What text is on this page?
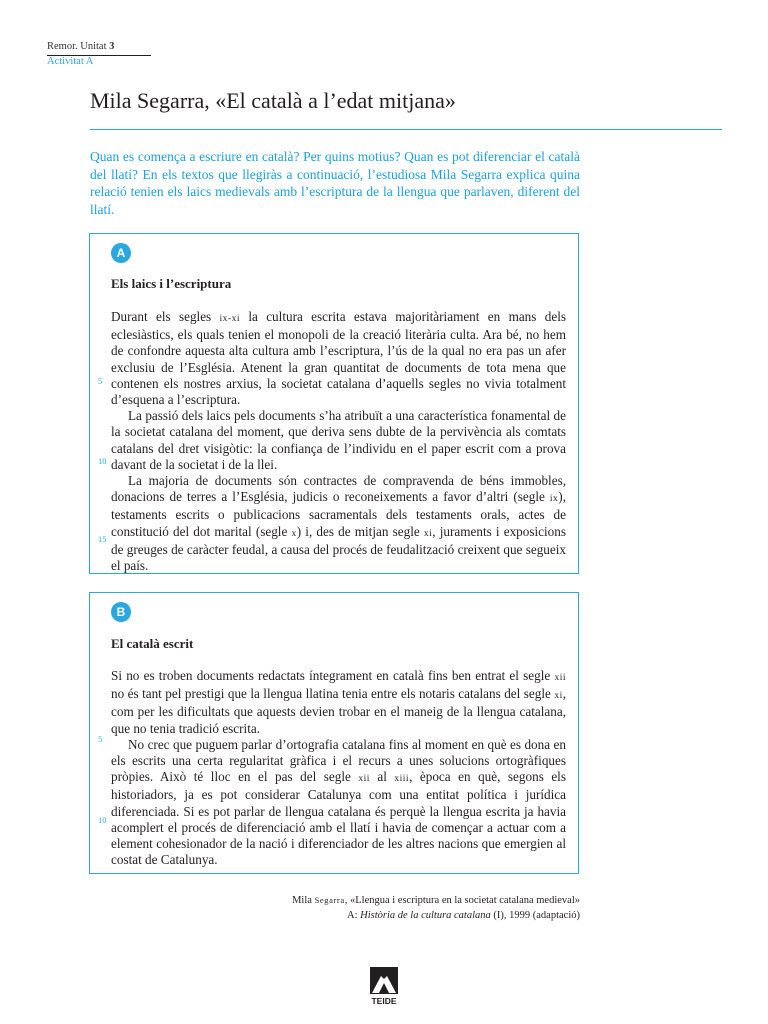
Remor. Unitat 3
Activitat A
Mila Segarra, «El català a l’edat mitjana»

Quan es comença a escriure en català? Per quins motius? Quan es pot diferenciar el català del llatí? En els textos que llegiràs a continuació, l’estudiosa Mila Segarra explica quina relació tenien els laics medievals amb l’escriptura de la llengua que parlaven, diferent del llatí.

A
Els laics i l’escriptura
5
10
15

Durant els segles ix-xi la cultura escrita estava majoritàriament en mans dels eclesiàstics, els quals tenien el monopoli de la creació literària culta. Ara bé, no hem de confondre aquesta alta cultura amb l’escriptura, l’ús de la qual no era pas un afer exclusiu de l’Església. Atenent la gran quantitat de documents de tota mena que contenen els nostres arxius, la societat catalana d’aquells segles no vivia totalment d’esquena a l’escriptura.

La passió dels laics pels documents s’ha atribuït a una característica fonamental de la societat catalana del moment, que deriva sens dubte de la pervivència als comtats catalans del dret visigòtic: la confiança de l’individu en el paper escrit com a prova davant de la societat i de la llei.

La majoria de documents són contractes de compravenda de béns immobles, donacions de terres a l’Església, judicis o reconeixements a favor d’altri (segle ix), testaments escrits o publicacions sacramentals dels testaments orals, actes de constitució del dot marital (segle x) i, des de mitjan segle xi, juraments i exposicions de greuges de caràcter feudal, a causa del procés de feudalització creixent que segueix el país.

B
El català escrit
5
10

Si no es troben documents redactats íntegrament en català fins ben entrat el segle xii no és tant pel prestigi que la llengua llatina tenia entre els notaris catalans del segle xi, com per les dificultats que aquests devien trobar en el maneig de la llengua catalana, que no tenia tradició escrita.

No crec que puguem parlar d’ortografia catalana fins al moment en què es dona en els escrits una certa regularitat gràfica i el recurs a unes solucions ortogràfiques pròpies. Això té lloc en el pas del segle xii al xiii, època en què, segons els historiadors, ja es pot considerar Catalunya com una entitat política i jurídica diferenciada. Si es pot parlar de llengua catalana és perquè la llengua escrita ja havia acomplert el procés de diferenciació amb el llatí i havia de començar a actuar com a element cohesionador de la nació i diferenciador de les altres nacions que emergien al costat de Catalunya.

Mila Segarra, «Llengua i escriptura en la societat catalana medieval»
A: Història de la cultura catalana (I), 1999 (adaptació)
TEIDE
